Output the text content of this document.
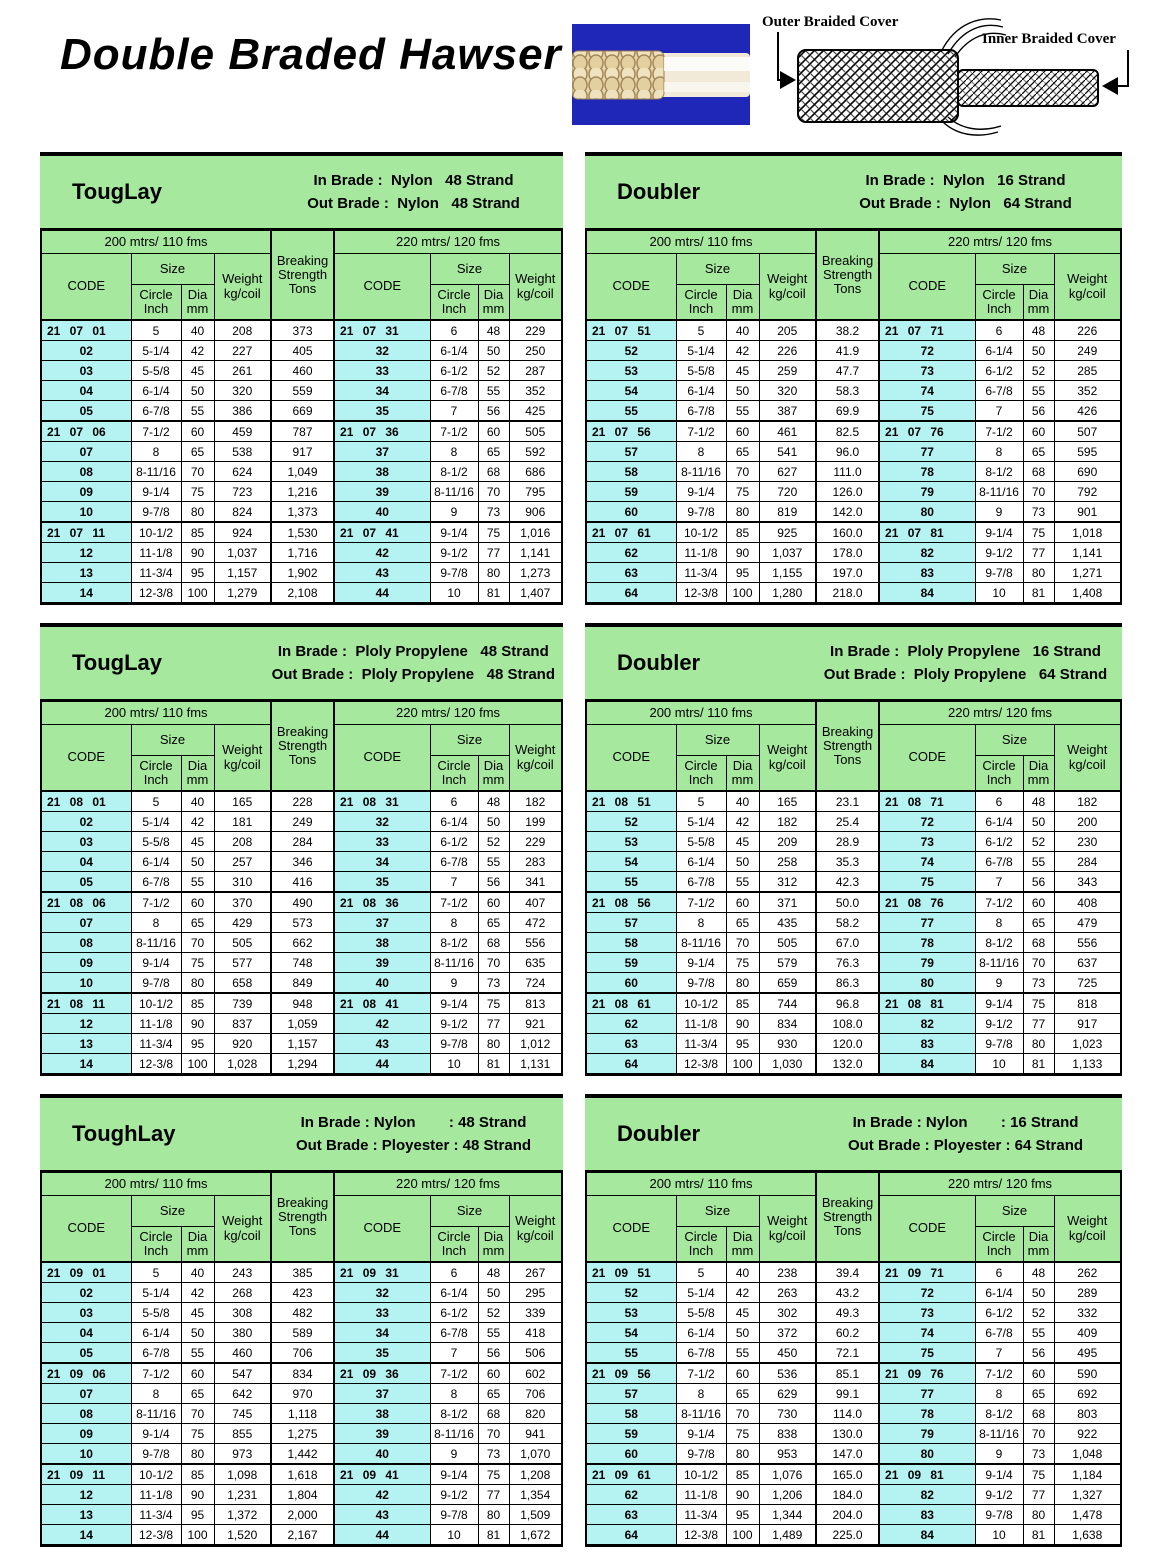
Double Braded Hawser
Outer Braided Cover
Inner Braided Cover
TougLay	In Brade :  Nylon   48 Strand
Out Brade :  Nylon   48 Strand
200 mtrs/ 110 fms				Breaking Strength Tons	220 mtrs/ 120 fms			
CODE	Size		Weight kg/coil		CODE	Size		Weight kg/coil
	Circle Inch	Dia mm				Circle Inch	Dia mm	
21 07 01	5	40	208	373	21 07 31	6	48	229
02	5-1/4	42	227	405	32	6-1/4	50	250
03	5-5/8	45	261	460	33	6-1/2	52	287
04	6-1/4	50	320	559	34	6-7/8	55	352
05	6-7/8	55	386	669	35	7	56	425
21 07 06	7-1/2	60	459	787	21 07 36	7-1/2	60	505
07	8	65	538	917	37	8	65	592
08	8-11/16	70	624	1,049	38	8-1/2	68	686
09	9-1/4	75	723	1,216	39	8-11/16	70	795
10	9-7/8	80	824	1,373	40	9	73	906
21 07 11	10-1/2	85	924	1,530	21 07 41	9-1/4	75	1,016
12	11-1/8	90	1,037	1,716	42	9-1/2	77	1,141
13	11-3/4	95	1,157	1,902	43	9-7/8	80	1,273
14	12-3/8	100	1,279	2,108	44	10	81	1,407
Doubler	In Brade :  Nylon   16 Strand
Out Brade :  Nylon   64 Strand
200 mtrs/ 110 fms				Breaking Strength Tons	220 mtrs/ 120 fms			
CODE	Size		Weight kg/coil		CODE	Size		Weight kg/coil
	Circle Inch	Dia mm				Circle Inch	Dia mm	
21 07 51	5	40	205	38.2	21 07 71	6	48	226
52	5-1/4	42	226	41.9	72	6-1/4	50	249
53	5-5/8	45	259	47.7	73	6-1/2	52	285
54	6-1/4	50	320	58.3	74	6-7/8	55	352
55	6-7/8	55	387	69.9	75	7	56	426
21 07 56	7-1/2	60	461	82.5	21 07 76	7-1/2	60	507
57	8	65	541	96.0	77	8	65	595
58	8-11/16	70	627	111.0	78	8-1/2	68	690
59	9-1/4	75	720	126.0	79	8-11/16	70	792
60	9-7/8	80	819	142.0	80	9	73	901
21 07 61	10-1/2	85	925	160.0	21 07 81	9-1/4	75	1,018
62	11-1/8	90	1,037	178.0	82	9-1/2	77	1,141
63	11-3/4	95	1,155	197.0	83	9-7/8	80	1,271
64	12-3/8	100	1,280	218.0	84	10	81	1,408
TougLay	In Brade :  Ploly Propylene   48 Strand
Out Brade :  Ploly Propylene   48 Strand
200 mtrs/ 110 fms				Breaking Strength Tons	220 mtrs/ 120 fms			
CODE	Size		Weight kg/coil		CODE	Size		Weight kg/coil
	Circle Inch	Dia mm				Circle Inch	Dia mm	
21 08 01	5	40	165	228	21 08 31	6	48	182
02	5-1/4	42	181	249	32	6-1/4	50	199
03	5-5/8	45	208	284	33	6-1/2	52	229
04	6-1/4	50	257	346	34	6-7/8	55	283
05	6-7/8	55	310	416	35	7	56	341
21 08 06	7-1/2	60	370	490	21 08 36	7-1/2	60	407
07	8	65	429	573	37	8	65	472
08	8-11/16	70	505	662	38	8-1/2	68	556
09	9-1/4	75	577	748	39	8-11/16	70	635
10	9-7/8	80	658	849	40	9	73	724
21 08 11	10-1/2	85	739	948	21 08 41	9-1/4	75	813
12	11-1/8	90	837	1,059	42	9-1/2	77	921
13	11-3/4	95	920	1,157	43	9-7/8	80	1,012
14	12-3/8	100	1,028	1,294	44	10	81	1,131
Doubler	In Brade :  Ploly Propylene   16 Strand
Out Brade :  Ploly Propylene   64 Strand
200 mtrs/ 110 fms				Breaking Strength Tons	220 mtrs/ 120 fms			
CODE	Size		Weight kg/coil		CODE	Size		Weight kg/coil
	Circle Inch	Dia mm				Circle Inch	Dia mm	
21 08 51	5	40	165	23.1	21 08 71	6	48	182
52	5-1/4	42	182	25.4	72	6-1/4	50	200
53	5-5/8	45	209	28.9	73	6-1/2	52	230
54	6-1/4	50	258	35.3	74	6-7/8	55	284
55	6-7/8	55	312	42.3	75	7	56	343
21 08 56	7-1/2	60	371	50.0	21 08 76	7-1/2	60	408
57	8	65	435	58.2	77	8	65	479
58	8-11/16	70	505	67.0	78	8-1/2	68	556
59	9-1/4	75	579	76.3	79	8-11/16	70	637
60	9-7/8	80	659	86.3	80	9	73	725
21 08 61	10-1/2	85	744	96.8	21 08 81	9-1/4	75	818
62	11-1/8	90	834	108.0	82	9-1/2	77	917
63	11-3/4	95	930	120.0	83	9-7/8	80	1,023
64	12-3/8	100	1,030	132.0	84	10	81	1,133
ToughLay	In Brade : Nylon        : 48 Strand
Out Brade : Ployester : 48 Strand
200 mtrs/ 110 fms				Breaking Strength Tons	220 mtrs/ 120 fms			
CODE	Size		Weight kg/coil		CODE	Size		Weight kg/coil
	Circle Inch	Dia mm				Circle Inch	Dia mm	
21 09 01	5	40	243	385	21 09 31	6	48	267
02	5-1/4	42	268	423	32	6-1/4	50	295
03	5-5/8	45	308	482	33	6-1/2	52	339
04	6-1/4	50	380	589	34	6-7/8	55	418
05	6-7/8	55	460	706	35	7	56	506
21 09 06	7-1/2	60	547	834	21 09 36	7-1/2	60	602
07	8	65	642	970	37	8	65	706
08	8-11/16	70	745	1,118	38	8-1/2	68	820
09	9-1/4	75	855	1,275	39	8-11/16	70	941
10	9-7/8	80	973	1,442	40	9	73	1,070
21 09 11	10-1/2	85	1,098	1,618	21 09 41	9-1/4	75	1,208
12	11-1/8	90	1,231	1,804	42	9-1/2	77	1,354
13	11-3/4	95	1,372	2,000	43	9-7/8	80	1,509
14	12-3/8	100	1,520	2,167	44	10	81	1,672
Doubler	In Brade : Nylon        : 16 Strand
Out Brade : Ployester : 64 Strand
200 mtrs/ 110 fms				Breaking Strength Tons	220 mtrs/ 120 fms			
CODE	Size		Weight kg/coil		CODE	Size		Weight kg/coil
	Circle Inch	Dia mm				Circle Inch	Dia mm	
21 09 51	5	40	238	39.4	21 09 71	6	48	262
52	5-1/4	42	263	43.2	72	6-1/4	50	289
53	5-5/8	45	302	49.3	73	6-1/2	52	332
54	6-1/4	50	372	60.2	74	6-7/8	55	409
55	6-7/8	55	450	72.1	75	7	56	495
21 09 56	7-1/2	60	536	85.1	21 09 76	7-1/2	60	590
57	8	65	629	99.1	77	8	65	692
58	8-11/16	70	730	114.0	78	8-1/2	68	803
59	9-1/4	75	838	130.0	79	8-11/16	70	922
60	9-7/8	80	953	147.0	80	9	73	1,048
21 09 61	10-1/2	85	1,076	165.0	21 09 81	9-1/4	75	1,184
62	11-1/8	90	1,206	184.0	82	9-1/2	77	1,327
63	11-3/4	95	1,344	204.0	83	9-7/8	80	1,478
64	12-3/8	100	1,489	225.0	84	10	81	1,638
